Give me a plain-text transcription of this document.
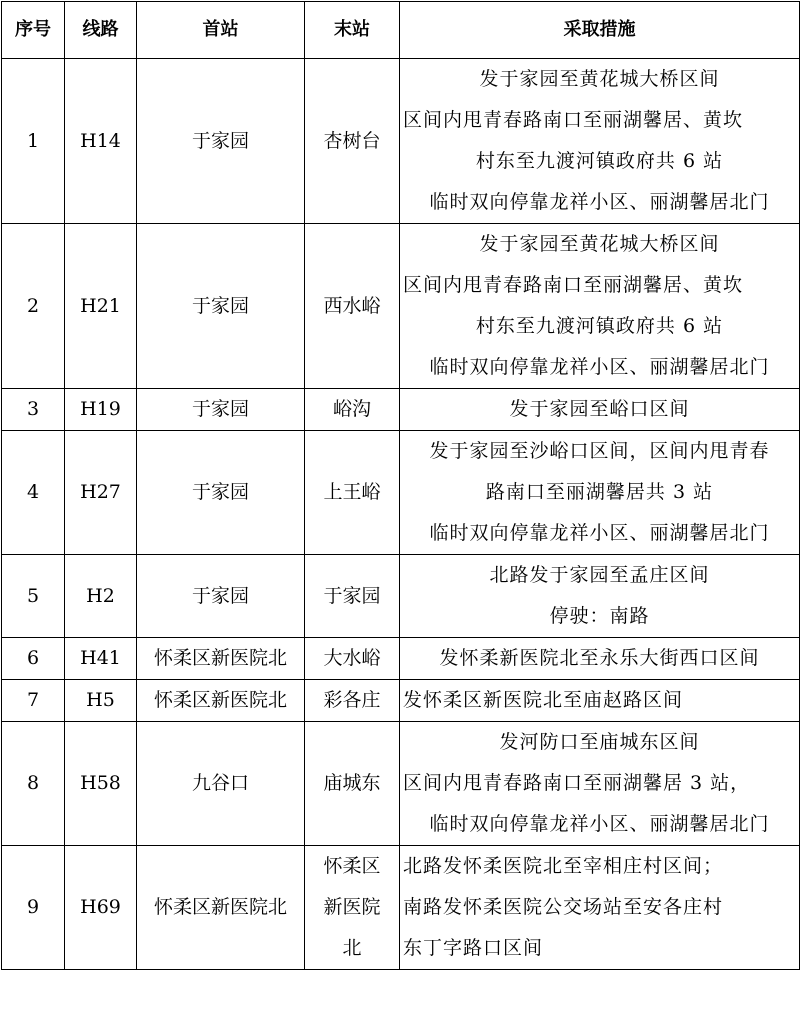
序号	线路	首站	末站	采取措施
1	H14	于家园	杏树台	发于家园至黄花城大桥区间
区间内甩青春路南口至丽湖馨居、黄坎
村东至九渡河镇政府共 6 站
临时双向停靠龙祥小区、丽湖馨居北门

2	H21	于家园	西水峪	发于家园至黄花城大桥区间
区间内甩青春路南口至丽湖馨居、黄坎
村东至九渡河镇政府共 6 站
临时双向停靠龙祥小区、丽湖馨居北门

3	H19	于家园	峪沟	发于家园至峪口区间

4	H27	于家园	上王峪	发于家园至沙峪口区间，区间内甩青春
路南口至丽湖馨居共 3 站
临时双向停靠龙祥小区、丽湖馨居北门

5	H2	于家园	于家园	北路发于家园至孟庄区间
停驶：南路

6	H41	怀柔区新医院北	大水峪	发怀柔新医院北至永乐大街西口区间

7	H5	怀柔区新医院北	彩各庄	发怀柔区新医院北至庙赵路区间

8	H58	九谷口	庙城东	发河防口至庙城东区间
区间内甩青春路南口至丽湖馨居 3 站，
临时双向停靠龙祥小区、丽湖馨居北门

9	H69	怀柔区新医院北	怀柔区
新医院
北	北路发怀柔医院北至宰相庄村区间；
南路发怀柔医院公交场站至安各庄村
东丁字路口区间
